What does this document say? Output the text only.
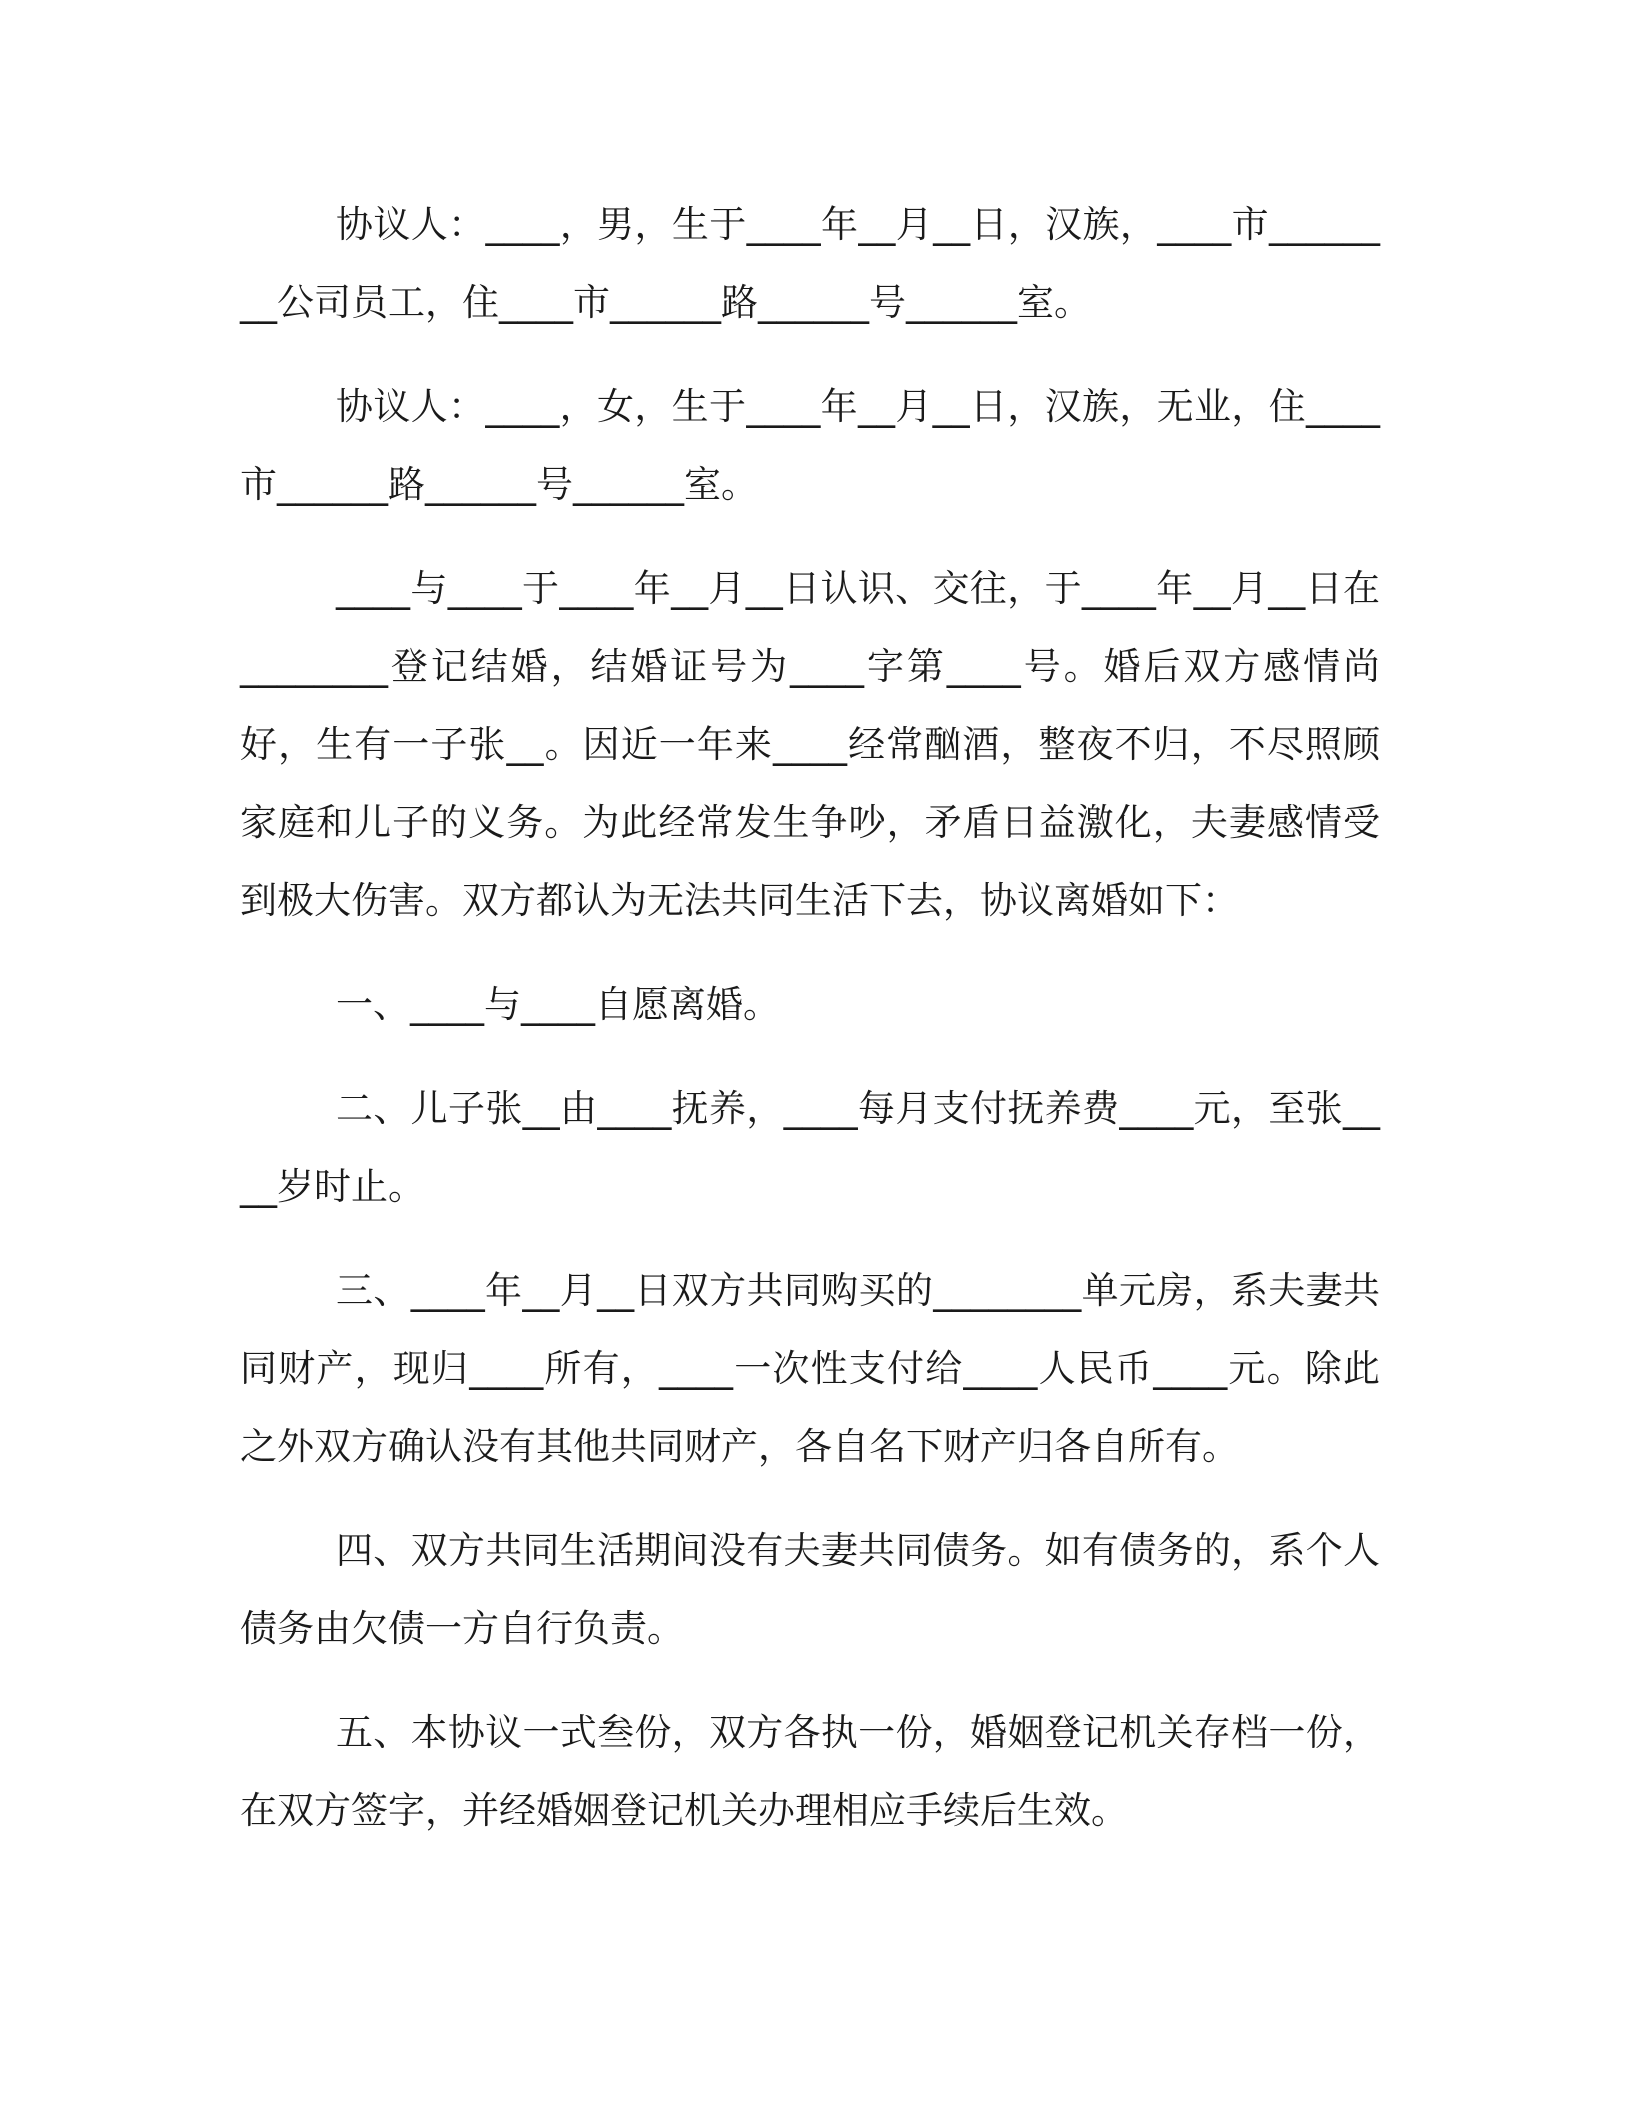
协议人：____，男，生于____年__月__日，汉族，____市________公司员工，住____市______路______号______室。

协议人：____，女，生于____年__月__日，汉族，无业，住____市______路______号______室。

____与____于____年__月__日认识、交往，于____年__月__日在________登记结婚，结婚证号为____字第____号。婚后双方感情尚好，生有一子张__。因近一年来____经常酗酒，整夜不归，不尽照顾家庭和儿子的义务。为此经常发生争吵，矛盾日益激化，夫妻感情受到极大伤害。双方都认为无法共同生活下去，协议离婚如下：

一、____与____自愿离婚。

二、儿子张__由____抚养，____每月支付抚养费____元，至张____岁时止。

三、____年__月__日双方共同购买的________单元房，系夫妻共同财产，现归____所有，____一次性支付给____人民币____元。除此之外双方确认没有其他共同财产，各自名下财产归各自所有。

四、双方共同生活期间没有夫妻共同债务。如有债务的，系个人债务由欠债一方自行负责。

五、本协议一式叁份，双方各执一份，婚姻登记机关存档一份，在双方签字，并经婚姻登记机关办理相应手续后生效。
